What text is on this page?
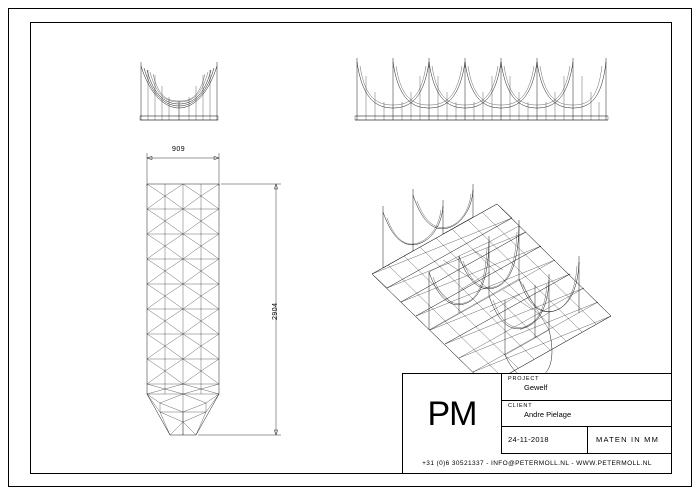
909
2904
PM
PROJECT
Gewelf
CLIENT
Andre Pielage
24-11-2018	MATEN IN MM
+31 (0)6 30521337 - INFO@PETERMOLL.NL - WWW.PETERMOLL.NL
